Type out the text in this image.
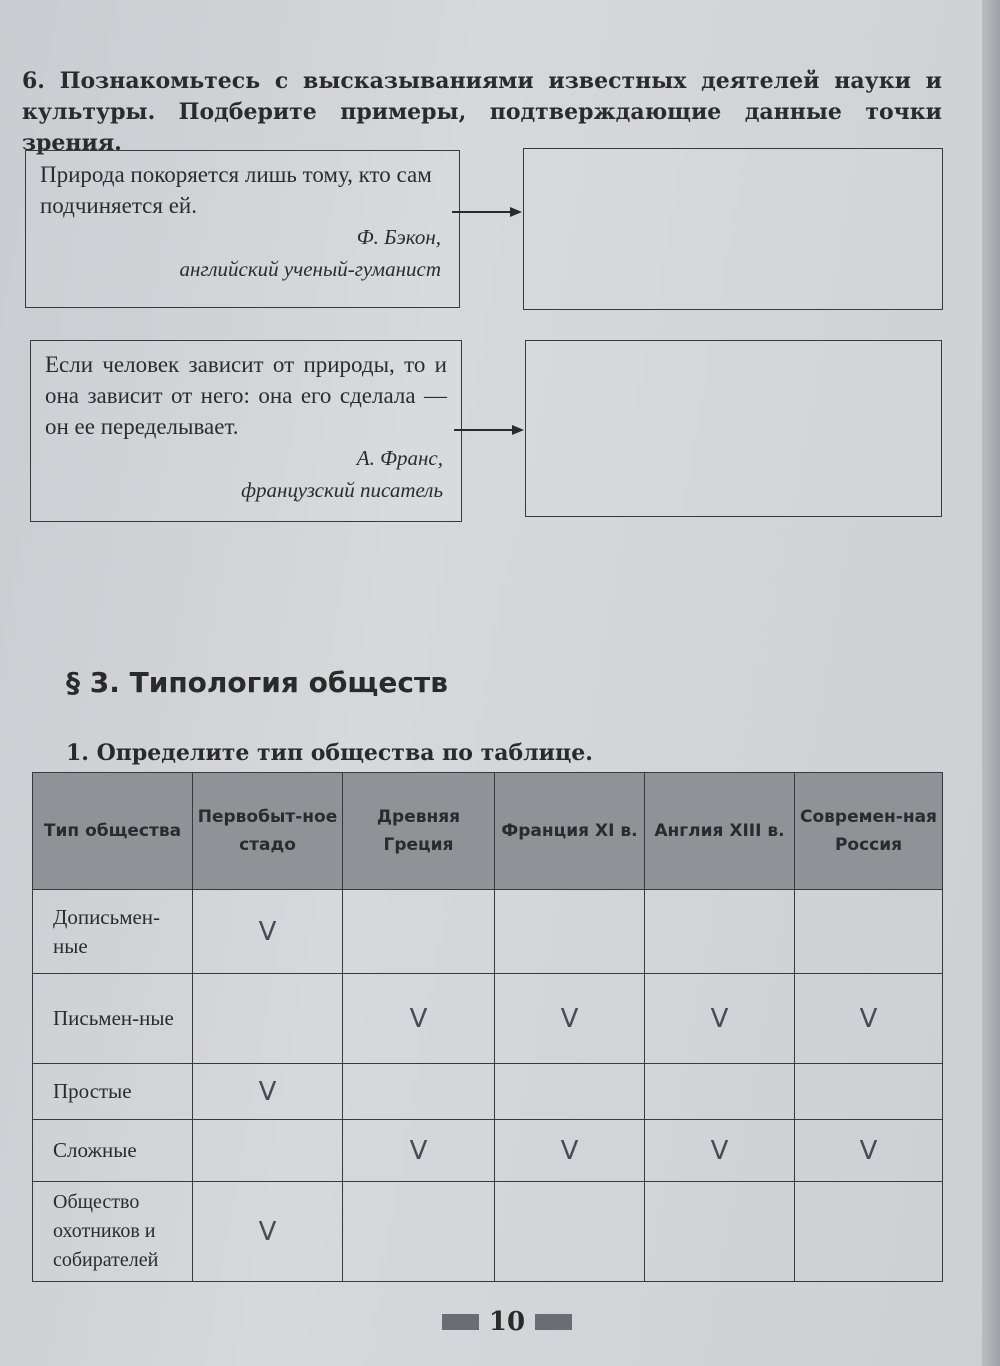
6. Познакомьтесь с высказываниями известных деятелей науки и культуры. Подберите примеры, подтверждающие данные точки зрения.
Природа покоряется лишь тому, кто сам подчиняется ей.
Ф. Бэкон,
английский ученый-гуманист
Если человек зависит от природы, то и она зависит от него: она его сделала — он ее переделывает.
А. Франс,
французский писатель
§ 3. Типология обществ
1. Определите тип общества по таблице.
Тип общества	Первобыт-ное стадо	Древняя Греция	Франция XI в.	Англия XIII в.	Современ-ная Россия
Дописьмен-ные	V				
Письмен-ные		V	V	V	V
Простые	V				
Сложные		V	V	V	V
Общество охотников и собирателей	V				
10
